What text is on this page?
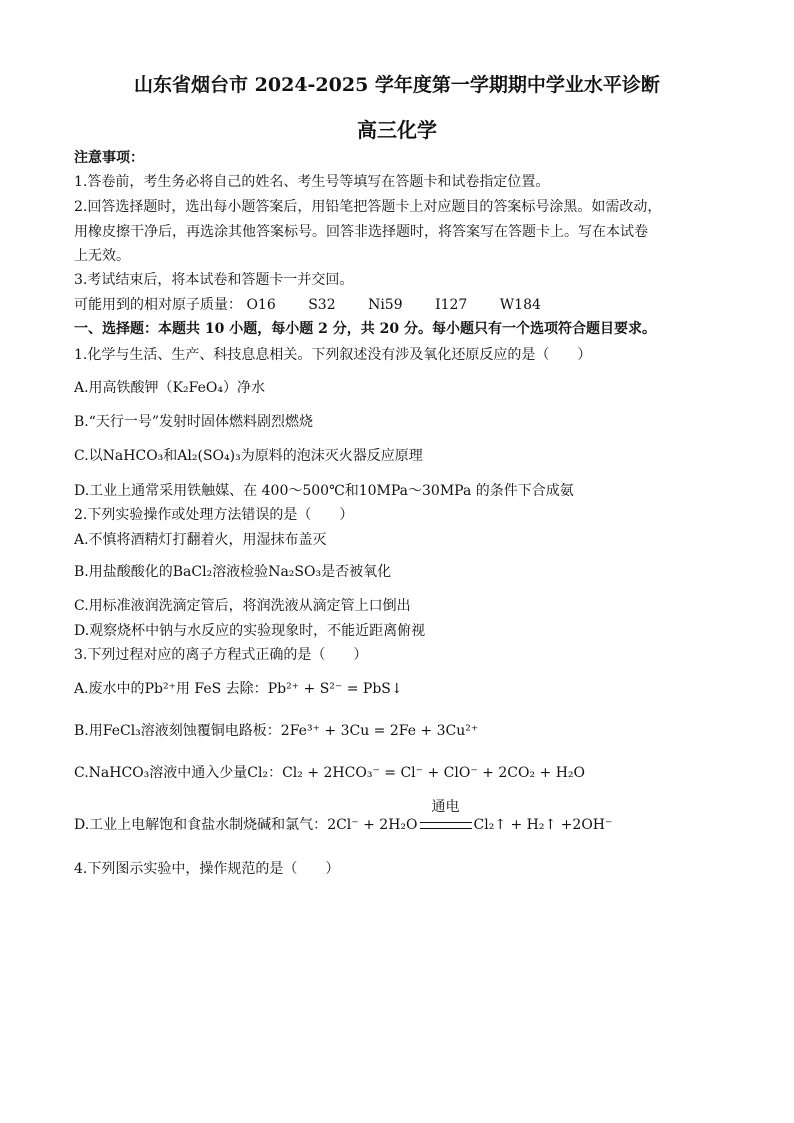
山东省烟台市 2024-2025 学年度第一学期期中学业水平诊断
高三化学
注意事项：
1.答卷前，考生务必将自己的姓名、考生号等填写在答题卡和试卷指定位置。
2.回答选择题时，选出每小题答案后，用铅笔把答题卡上对应题目的答案标号涂黑。如需改动，
用橡皮擦干净后，再选涂其他答案标号。回答非选择题时，将答案写在答题卡上。写在本试卷
上无效。
3.考试结束后，将本试卷和答题卡一并交回。
可能用到的相对原子质量： O16 S32 Ni59 Ⅰ127 W184
一、选择题：本题共 10 小题，每小题 2 分，共 20 分。每小题只有一个选项符合题目要求。
1.化学与生活、生产、科技息息相关。下列叙述没有涉及氧化还原反应的是（　　）
A.用高铁酸钾（K₂FeO₄）净水
B.“天行一号”发射时固体燃料剧烈燃烧
C.以NaHCO₃和Al₂(SO₄)₃为原料的泡沫灭火器反应原理
D.工业上通常采用铁触媒、在 400～500℃和10MPa～30MPa 的条件下合成氨
2.下列实验操作或处理方法错误的是（　　）
A.不慎将酒精灯打翻着火，用湿抹布盖灭
B.用盐酸酸化的BaCl₂溶液检验Na₂SO₃是否被氧化
C.用标准液润洗滴定管后，将润洗液从滴定管上口倒出
D.观察烧杯中钠与水反应的实验现象时，不能近距离俯视
3.下列过程对应的离子方程式正确的是（　　）
A.废水中的Pb²⁺用 FeS 去除：Pb²⁺ + S²⁻ = PbS↓
B.用FeCl₃溶液刻蚀覆铜电路板：2Fe³⁺ + 3Cu = 2Fe + 3Cu²⁺
C.NaHCO₃溶液中通入少量Cl₂：Cl₂ + 2HCO₃⁻ = Cl⁻ + ClO⁻ + 2CO₂ + H₂O
D.工业上电解饱和食盐水制烧碱和氯气：2Cl⁻ + 2H₂O
通电
Cl₂↑ + H₂↑ +2OH⁻
4.下列图示实验中，操作规范的是（　　）
